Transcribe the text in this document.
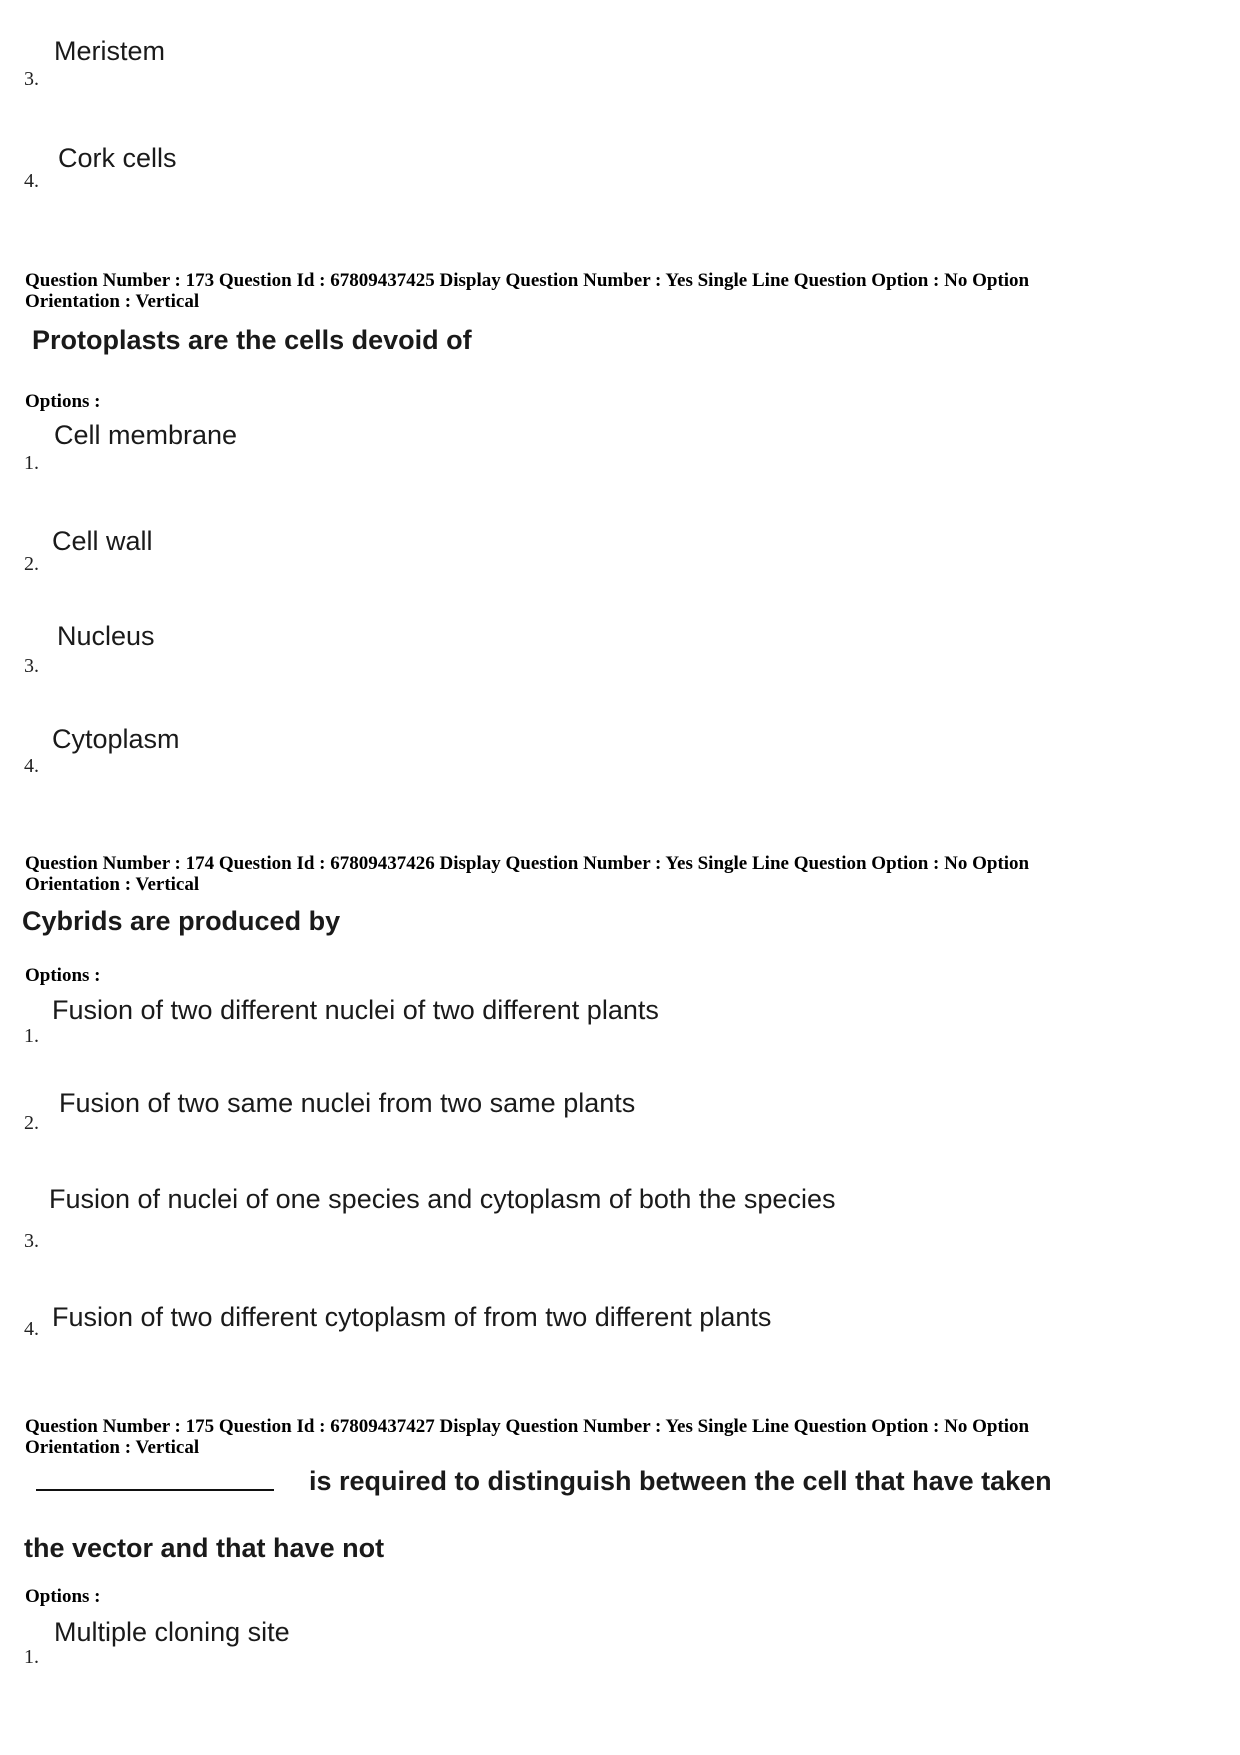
Meristem
3.
Cork cells
4.
Question Number : 173 Question Id : 67809437425 Display Question Number : Yes Single Line Question Option : No Option
Orientation : Vertical
Protoplasts are the cells devoid of
Options :
Cell membrane
1.
Cell wall
2.
Nucleus
3.
Cytoplasm
4.
Question Number : 174 Question Id : 67809437426 Display Question Number : Yes Single Line Question Option : No Option
Orientation : Vertical
Cybrids are produced by
Options :
Fusion of two different nuclei of two different plants
1.
Fusion of two same nuclei from two same plants
2.
Fusion of nuclei of one species and cytoplasm of both the species
3.
Fusion of two different cytoplasm of from two different plants
4.
Question Number : 175 Question Id : 67809437427 Display Question Number : Yes Single Line Question Option : No Option
Orientation : Vertical
is required to distinguish between the cell that have taken
the vector and that have not
Options :
Multiple cloning site
1.
